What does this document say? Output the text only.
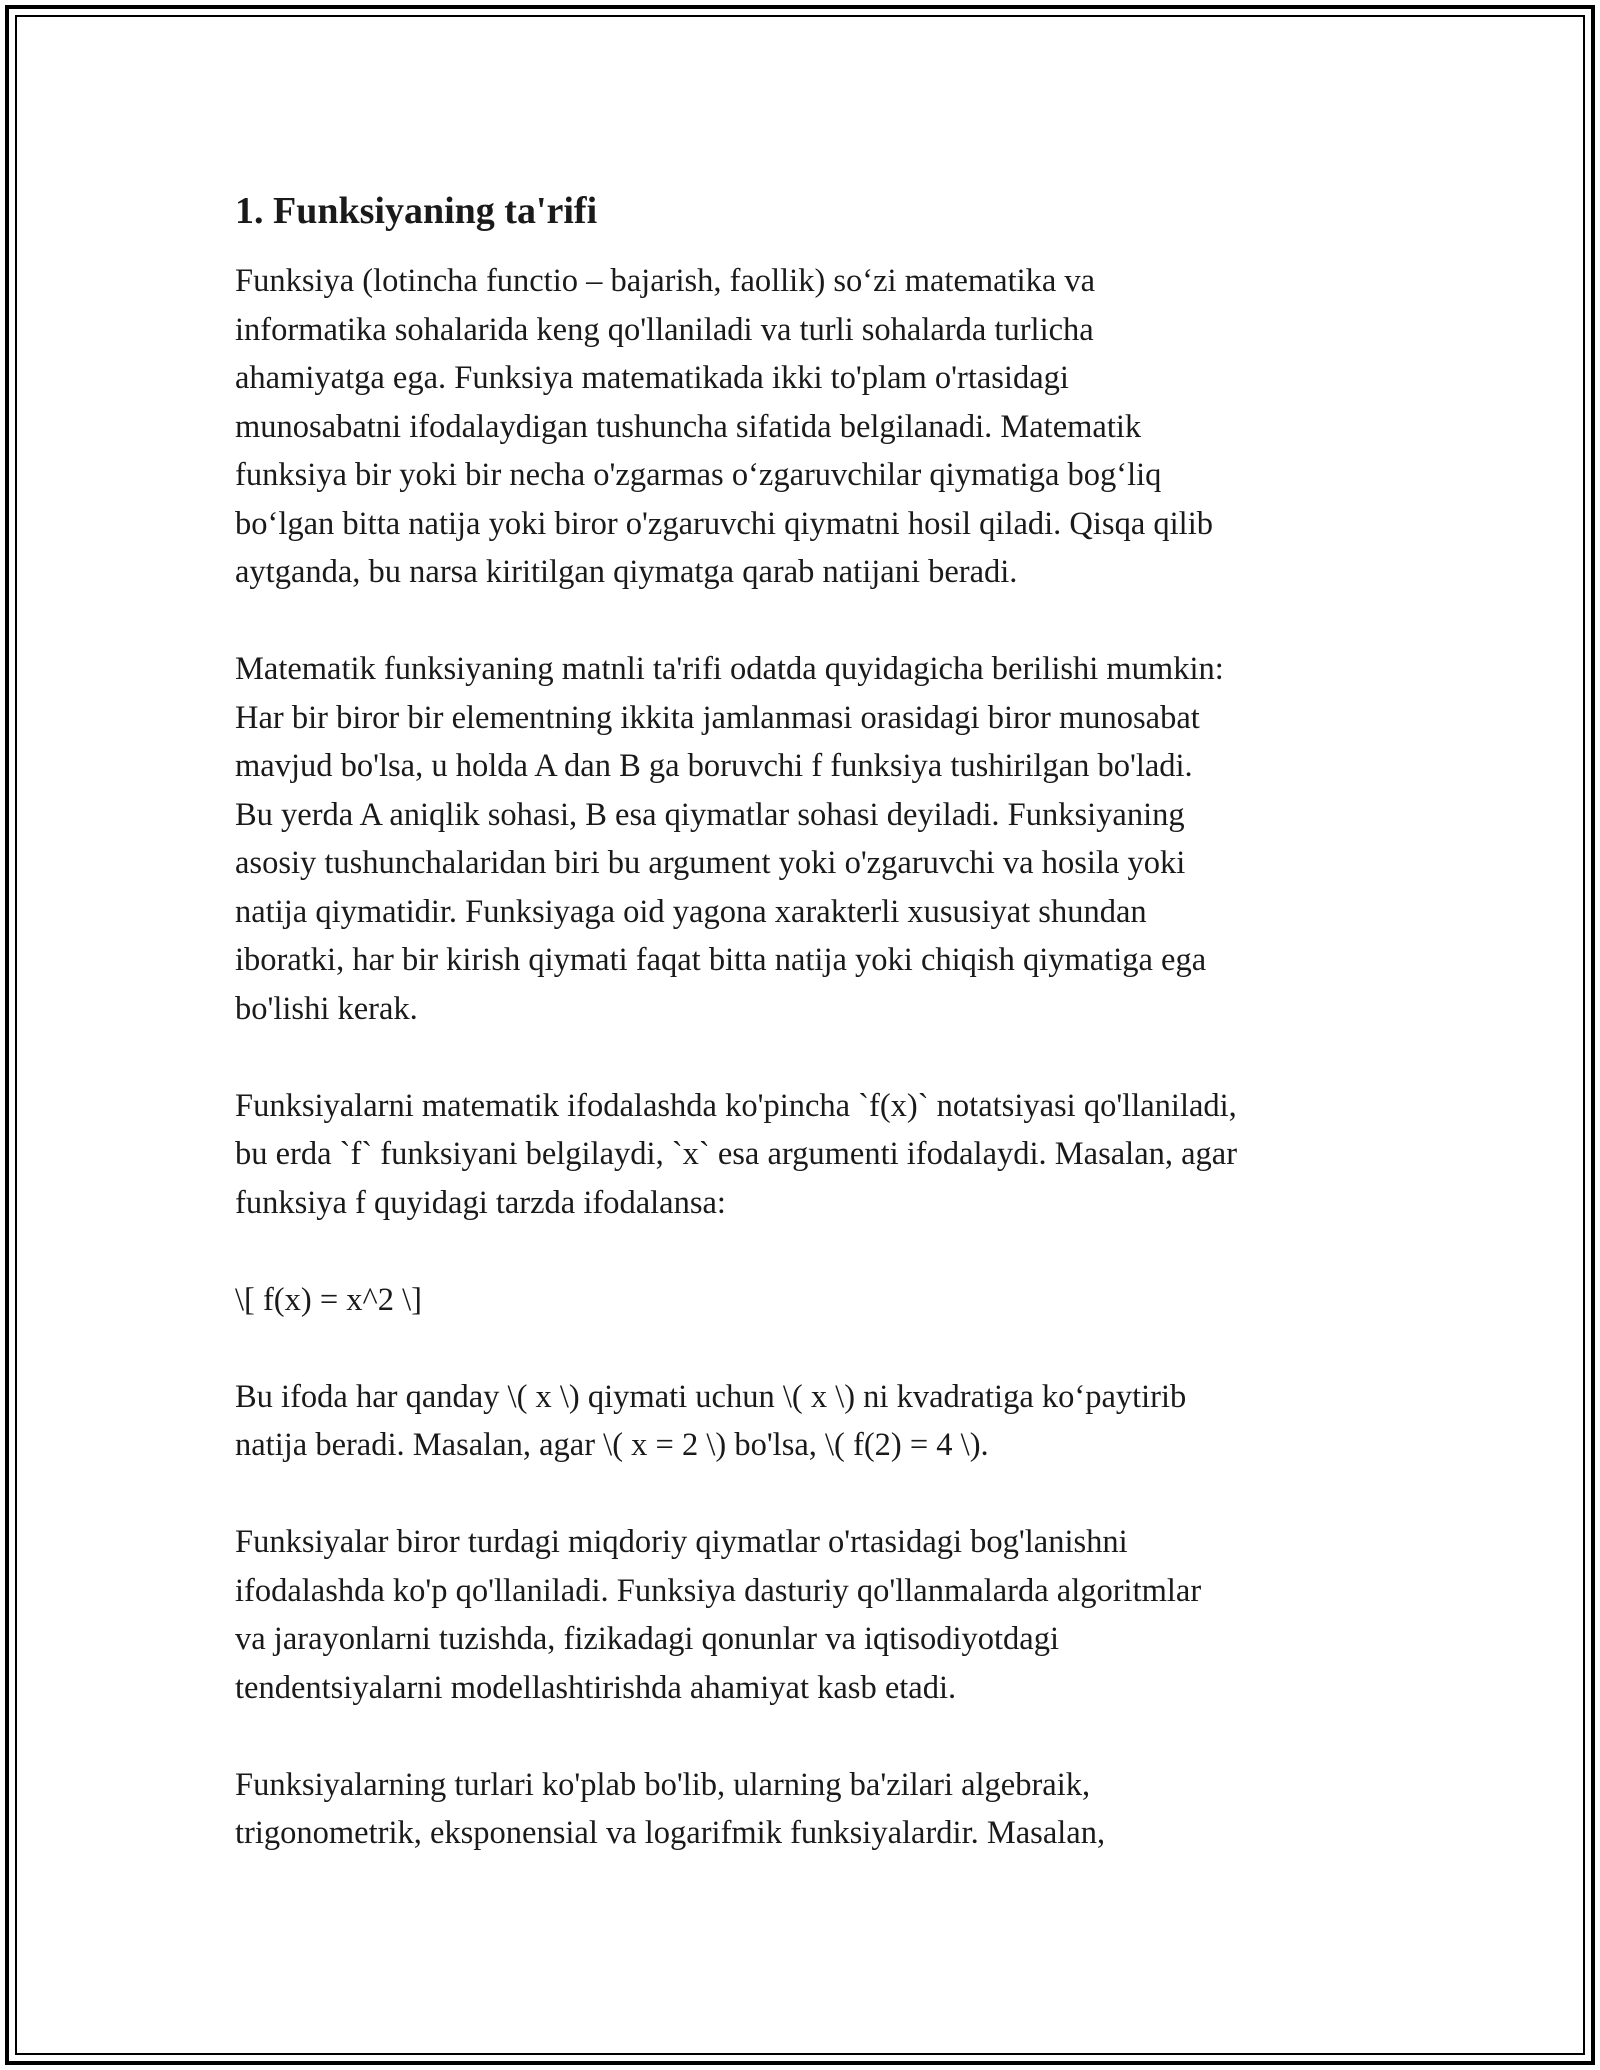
1. Funksiyaning ta'rifi

Funksiya (lotincha functio – bajarish, faollik) so‘zi matematika va
informatika sohalarida keng qo'llaniladi va turli sohalarda turlicha
ahamiyatga ega. Funksiya matematikada ikki to'plam o'rtasidagi
munosabatni ifodalaydigan tushuncha sifatida belgilanadi. Matematik
funksiya bir yoki bir necha o'zgarmas o‘zgaruvchilar qiymatiga bog‘liq
bo‘lgan bitta natija yoki biror o'zgaruvchi qiymatni hosil qiladi. Qisqa qilib
aytganda, bu narsa kiritilgan qiymatga qarab natijani beradi.

Matematik funksiyaning matnli ta'rifi odatda quyidagicha berilishi mumkin:
Har bir biror bir elementning ikkita jamlanmasi orasidagi biror munosabat
mavjud bo'lsa, u holda A dan B ga boruvchi f funksiya tushirilgan bo'ladi.
Bu yerda A aniqlik sohasi, B esa qiymatlar sohasi deyiladi. Funksiyaning
asosiy tushunchalaridan biri bu argument yoki o'zgaruvchi va hosila yoki
natija qiymatidir. Funksiyaga oid yagona xarakterli xususiyat shundan
iboratki, har bir kirish qiymati faqat bitta natija yoki chiqish qiymatiga ega
bo'lishi kerak.

Funksiyalarni matematik ifodalashda ko'pincha `f(x)` notatsiyasi qo'llaniladi,
bu erda `f` funksiyani belgilaydi, `x` esa argumenti ifodalaydi. Masalan, agar
funksiya f quyidagi tarzda ifodalansa:

\[ f(x) = x^2 \]

Bu ifoda har qanday \( x \) qiymati uchun \( x \) ni kvadratiga ko‘paytirib
natija beradi. Masalan, agar \( x = 2 \) bo'lsa, \( f(2) = 4 \).

Funksiyalar biror turdagi miqdoriy qiymatlar o'rtasidagi bog'lanishni
ifodalashda ko'p qo'llaniladi. Funksiya dasturiy qo'llanmalarda algoritmlar
va jarayonlarni tuzishda, fizikadagi qonunlar va iqtisodiyotdagi
tendentsiyalarni modellashtirishda ahamiyat kasb etadi.

Funksiyalarning turlari ko'plab bo'lib, ularning ba'zilari algebraik,
trigonometrik, eksponensial va logarifmik funksiyalardir. Masalan,
